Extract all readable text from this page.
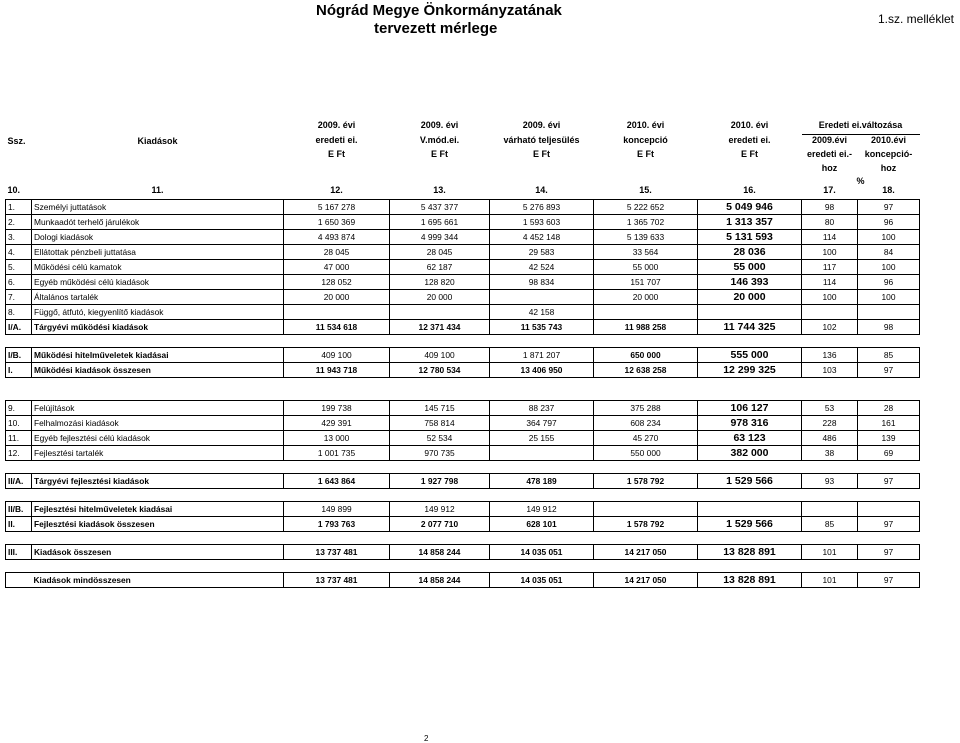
Nógrád Megye Önkormányzatának
tervezett mérlege
1.sz. melléklet
		2009. évi	2009. évi	2009. évi	2010. évi	2010. évi	Eredeti ei.változása	
Ssz.	Kiadások	eredeti ei.	V.mód.ei.	várható teljesülés	koncepció	eredeti ei.	2009.évi	2010.évi
		E Ft	E Ft	E Ft	E Ft	E Ft	eredeti ei.-	koncepció-
							hoz	hoz
							%	
10.	11.	12.	13.	14.	15.	16.	17.	18.
1.	Személyi juttatások	5 167 278	5 437 377	5 276 893	5 222 652	5 049 946	98	97
2.	Munkaadót terhelő járulékok	1 650 369	1 695 661	1 593 603	1 365 702	1 313 357	80	96
3.	Dologi kiadások	4 493 874	4 999 344	4 452 148	5 139 633	5 131 593	114	100
4.	Ellátottak pénzbeli juttatása	28 045	28 045	29 583	33 564	28 036	100	84
5.	Működési célú kamatok	47 000	62 187	42 524	55 000	55 000	117	100
6.	Egyéb működési célú kiadások	128 052	128 820	98 834	151 707	146 393	114	96
7.	Általános tartalék	20 000	20 000		20 000	20 000	100	100
8.	Függő, átfutó, kiegyenlítő kiadások			42 158				
I/A.	Tárgyévi működési kiadások	11 534 618	12 371 434	11 535 743	11 988 258	11 744 325	102	98

I/B.	Működési hitelműveletek kiadásai	409 100	409 100	1 871 207	650 000	555 000	136	85
I.	Működési kiadások összesen	11 943 718	12 780 534	13 406 950	12 638 258	12 299 325	103	97

9.	Felújítások	199 738	145 715	88 237	375 288	106 127	53	28
10.	Felhalmozási kiadások	429 391	758 814	364 797	608 234	978 316	228	161
11.	Egyéb fejlesztési célú kiadások	13 000	52 534	25 155	45 270	63 123	486	139
12.	Fejlesztési tartalék	1 001 735	970 735		550 000	382 000	38	69

II/A.	Tárgyévi fejlesztési kiadások	1 643 864	1 927 798	478 189	1 578 792	1 529 566	93	97

II/B.	Fejlesztési hitelműveletek kiadásai	149 899	149 912	149 912				
II.	Fejlesztési kiadások összesen	1 793 763	2 077 710	628 101	1 578 792	1 529 566	85	97

III.	Kiadások összesen	13 737 481	14 858 244	14 035 051	14 217 050	13 828 891	101	97

	Kiadások mindösszesen	13 737 481	14 858 244	14 035 051	14 217 050	13 828 891	101	97
2
